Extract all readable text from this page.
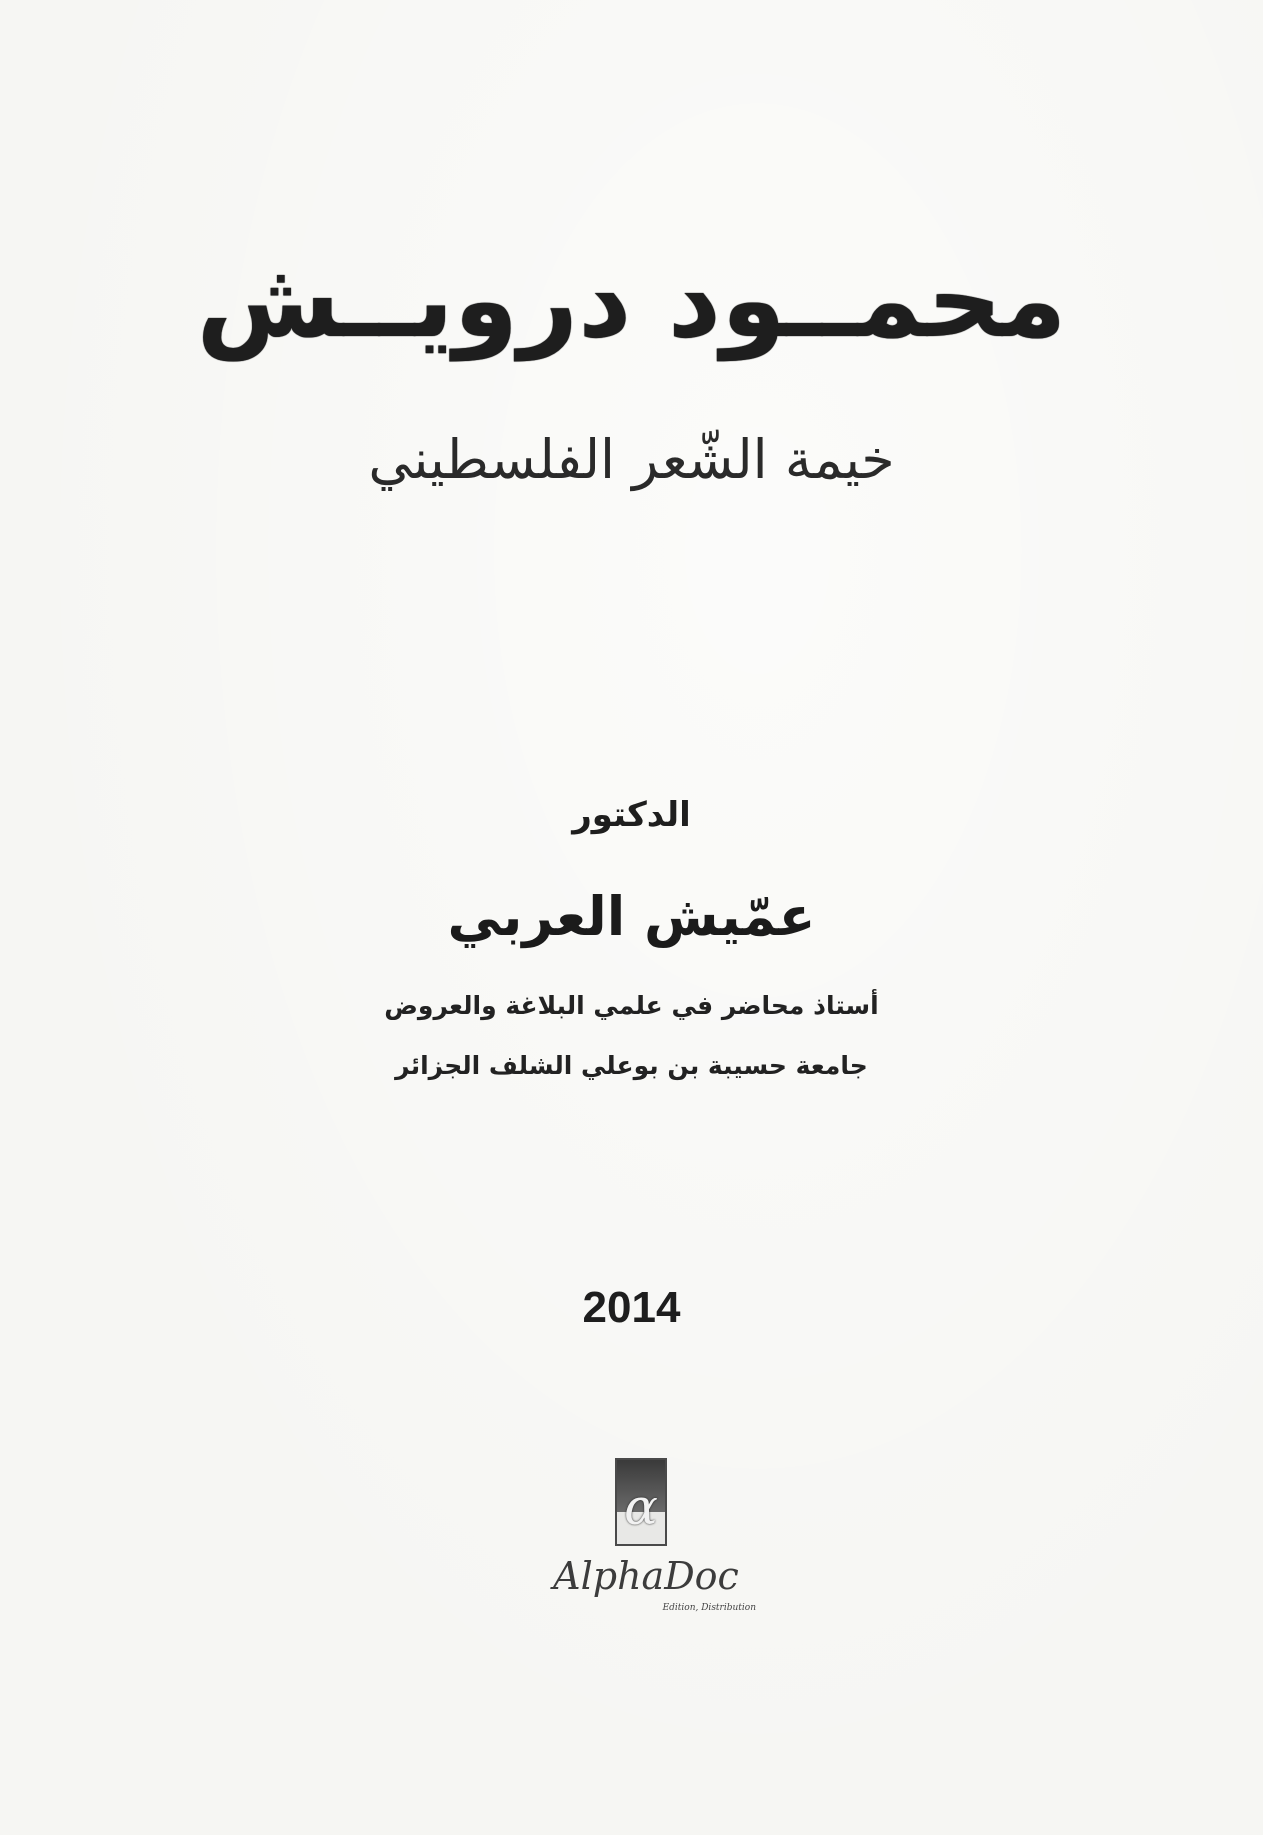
محمــود درويــش
خيمة الشّعر الفلسطيني
الدكتور
عمّيش العربي
أستاذ محاضر في علمي البلاغة والعروض
جامعة حسيبة بن بوعلي الشلف الجزائر
2014
α
AlphaDoc
Edition, Distribution
